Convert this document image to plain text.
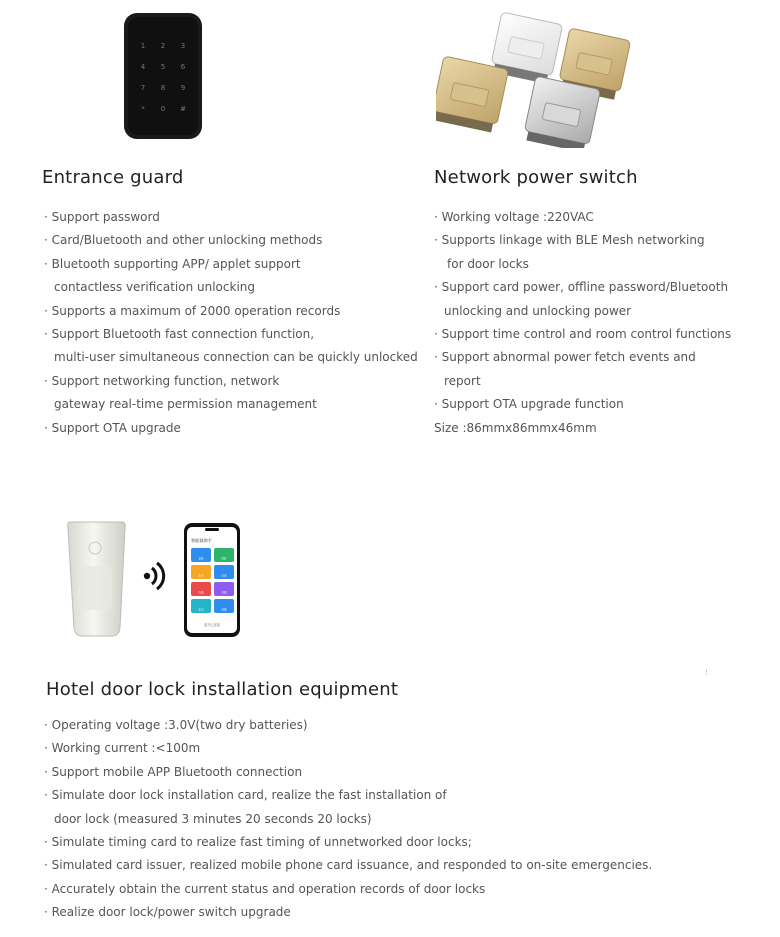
1 2 3
4 5 6
7 8 9
* 0 #
Entrance guard	Network power switch
· Support password
· Card/Bluetooth and other unlocking methods
· Bluetooth supporting APP/ applet support
contactless verification unlocking
· Supports a maximum of 2000 operation records
· Support Bluetooth fast connection function,
multi-user simultaneous connection can be quickly unlocked
· Support networking function, network
gateway real-time permission management
· Support OTA upgrade
· Working voltage :220VAC
· Supports linkage with BLE Mesh networking
for door locks
· Support card power, offline password/Bluetooth
unlocking and unlocking power
· Support time control and room control functions
· Support abnormal power fetch events and
report
· Support OTA upgrade function
Size :86mmx86mmx46mm
智能锁助手
安装	授时
发卡	记录
升级	开锁
状态	设置
蓝牙已连接
⁝
Hotel door lock installation equipment
· Operating voltage :3.0V(two dry batteries)
· Working current :<100m
· Support mobile APP Bluetooth connection
· Simulate door lock installation card, realize the fast installation of
door lock (measured 3 minutes 20 seconds 20 locks)
· Simulate timing card to realize fast timing of unnetworked door locks;
· Simulated card issuer, realized mobile phone card issuance, and responded to on-site emergencies.
· Accurately obtain the current status and operation records of door locks
· Realize door lock/power switch upgrade
